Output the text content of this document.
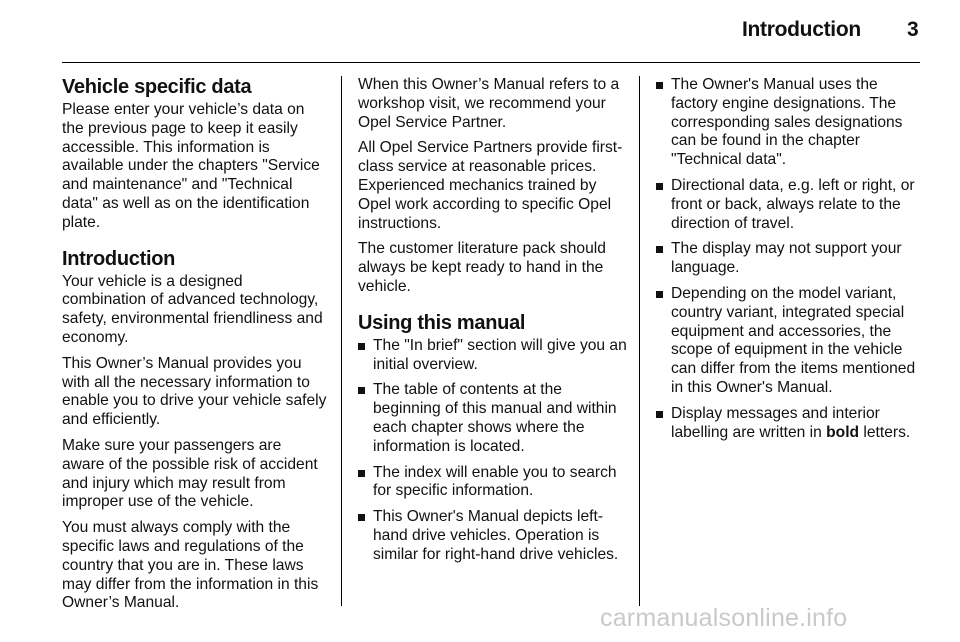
Introduction 3
Vehicle specific data

Please enter your vehicle’s data on the previous page to keep it easily accessible. This information is available under the chapters "Service and maintenance" and "Technical data" as well as on the identification plate.

Introduction

Your vehicle is a designed combination of advanced technology, safety, environmental friendliness and economy.

This Owner’s Manual provides you with all the necessary information to enable you to drive your vehicle safely and efficiently.

Make sure your passengers are aware of the possible risk of accident and injury which may result from improper use of the vehicle.

You must always comply with the specific laws and regulations of the country that you are in. These laws may differ from the information in this Owner’s Manual.

When this Owner’s Manual refers to a workshop visit, we recommend your Opel Service Partner.

All Opel Service Partners provide first-class service at reasonable prices. Experienced mechanics trained by Opel work according to specific Opel instructions.

The customer literature pack should always be kept ready to hand in the vehicle.

Using this manual
The "In brief" section will give you an initial overview.
The table of contents at the beginning of this manual and within each chapter shows where the information is located.
The index will enable you to search for specific information.
This Owner's Manual depicts left-hand drive vehicles. Operation is similar for right-hand drive vehicles.
The Owner's Manual uses the factory engine designations. The corresponding sales designations can be found in the chapter "Technical data".
Directional data, e.g. left or right, or front or back, always relate to the direction of travel.
The display may not support your language.
Depending on the model variant, country variant, integrated special equipment and accessories, the scope of equipment in the vehicle can differ from the items mentioned in this Owner's Manual.
Display messages and interior labelling are written in bold letters.
carmanualsonline.info
